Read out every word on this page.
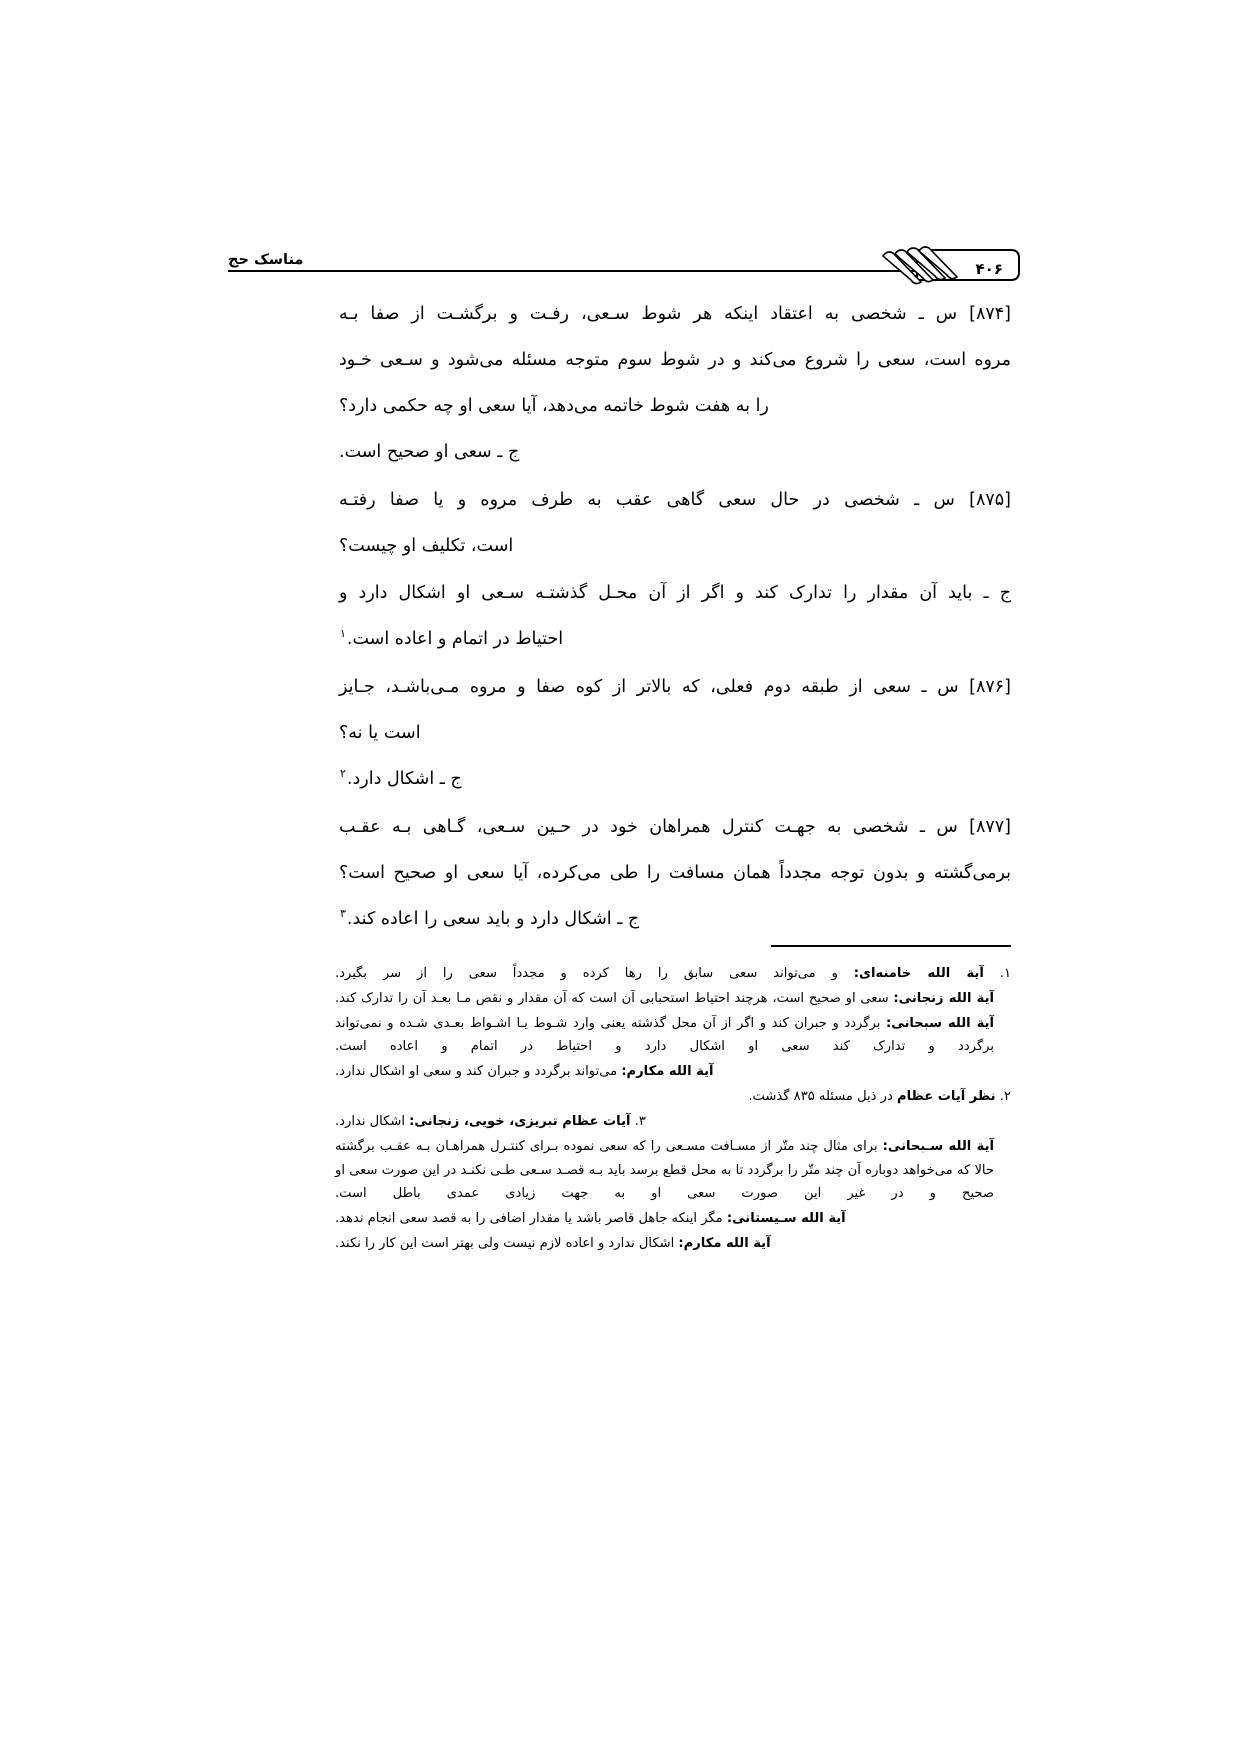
مناسک حج	۴۰۶

[۸۷۴] س ـ شخصی به اعتقاد اینکه هر شوط سـعی، رفـت و برگشـت از صفا بـه

مروه است، سعی را شروع می‌کند و در شوط سوم متوجه مسئله می‌شود و سـعی خـود

را به هفت شوط خاتمه می‌دهد، آیا سعی او چه حکمی دارد؟

ج ـ سعی او صحیح است.

[۸۷۵] س ـ شخصی در حال سعی گاهی عقب به طرف مروه و یا صفا رفتـه

است، تکلیف او چیست؟

ج ـ باید آن مقدار را تدارک کند و اگر از آن محـل گذشتـه سـعی او اشکال دارد و

احتیاط در اتمام و اعاده است.$^۱$

[۸۷۶] س ـ سعی از طبقه دوم فعلی، که بالاتر از کوه صفا و مروه مـی‌باشـد، جـایز

است یا نه؟

ج ـ اشکال دارد.$^۲$

[۸۷۷] س ـ شخصی به جهـت کنترل همراهان خود در حـین سـعی، گـاهی بـه عقـب

برمی‌گشته و بدون توجه مجدداً همان مسافت را طی می‌کرده، آیا سعی او صحیح است؟

ج ـ اشکال دارد و باید سعی را اعاده کند.$^۳$

۱. آیة الله خامنه‌ای: و می‌تواند سعی سابق را رها کرده و مجدداً سعی را از سر بگیرد.

آیة الله زنجانی: سعی او صحیح است، هرچند احتیاط استحبابی آن است که آن مقدار و نقص مـا بعـد آن را تدارک کند.

آیة الله سبحانی: برگردد و جبران کند و اگر از آن محل گذشته یعنی وارد شـوط یـا اشـواط بعـدی شـده و نمی‌تواند برگردد و تدارک کند سعی او اشکال دارد و احتیاط در اتمام و اعاده است.

آیة الله مکارم: می‌تواند برگردد و جبران کند و سعی او اشکال ندارد.

۲. نظر آیات عظام در ذیل مسئله ۸۳۵ گذشت.

۳. آیات عظام تبریزی، خویی، زنجانی: اشکال ندارد.

آیة الله سـبحانی: برای مثال چند متّر از مسـافت مسـعی را که سعی نموده بـرای کنتـرل همراهـان بـه عقـب برگشته حالا که می‌خواهد دوباره آن چند متّر را برگردد تا به محل قطع برسد باید بـه قصـد سـعی طـی نکنـد در این صورت سعی او صحیح و در غیر این صورت سعی او به جهت زیادی عمدی باطل است.

آیة الله سـیستانی: مگر اینکه جاهل قاصر باشد یا مقدار اضافی را به قصد سعی انجام ندهد.

آیة الله مکارم: اشکال ندارد و اعاده لازم نیست ولی بهتر است این کار را نکند.
